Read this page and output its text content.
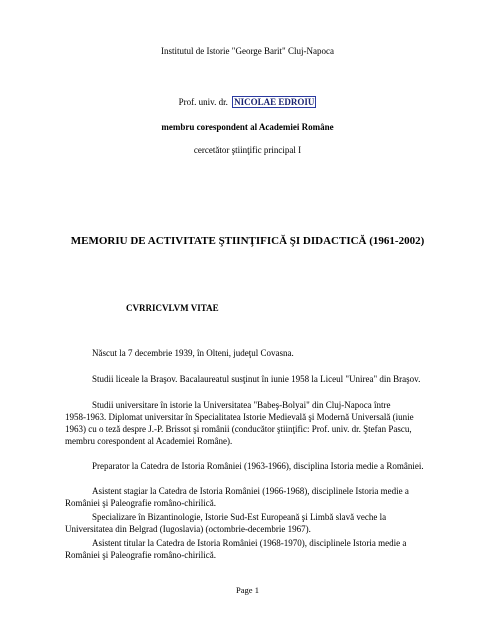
Institutul de Istorie "George Barit" Cluj-Napoca
Prof. univ. dr. NICOLAE EDROIU
membru corespondent al Academiei Române
cercetător ştiinţific principal I
MEMORIU DE ACTIVITATE ŞTIINŢIFICĂ ŞI DIDACTICĂ (1961-2002)
CVRRICVLVM VITAE
Născut la 7 decembrie 1939, în Olteni, judeţul Covasna.
Studii liceale la Braşov. Bacalaureatul susţinut în iunie 1958 la Liceul "Unirea" din Braşov.
Studii universitare în istorie la Universitatea "Babeş-Bolyai" din Cluj-Napoca între
1958-1963. Diplomat universitar în Specialitatea Istorie Medievală şi Modernă Universală (iunie
1963) cu o teză despre J.-P. Brissot şi românii (conducător ştiinţific: Prof. univ. dr. Ştefan Pascu,
membru corespondent al Academiei Române).
Preparator la Catedra de Istoria României (1963-1966), disciplina Istoria medie a României.
Asistent stagiar la Catedra de Istoria României (1966-1968), disciplinele Istoria medie a
României şi Paleografie româno-chirilică.
Specializare în Bizantinologie, Istorie Sud-Est Europeană şi Limbă slavă veche la
Universitatea din Belgrad (Iugoslavia) (octombrie-decembrie 1967).
Asistent titular la Catedra de Istoria României (1968-1970), disciplinele Istoria medie a
României şi Paleografie româno-chirilică.
Page 1
